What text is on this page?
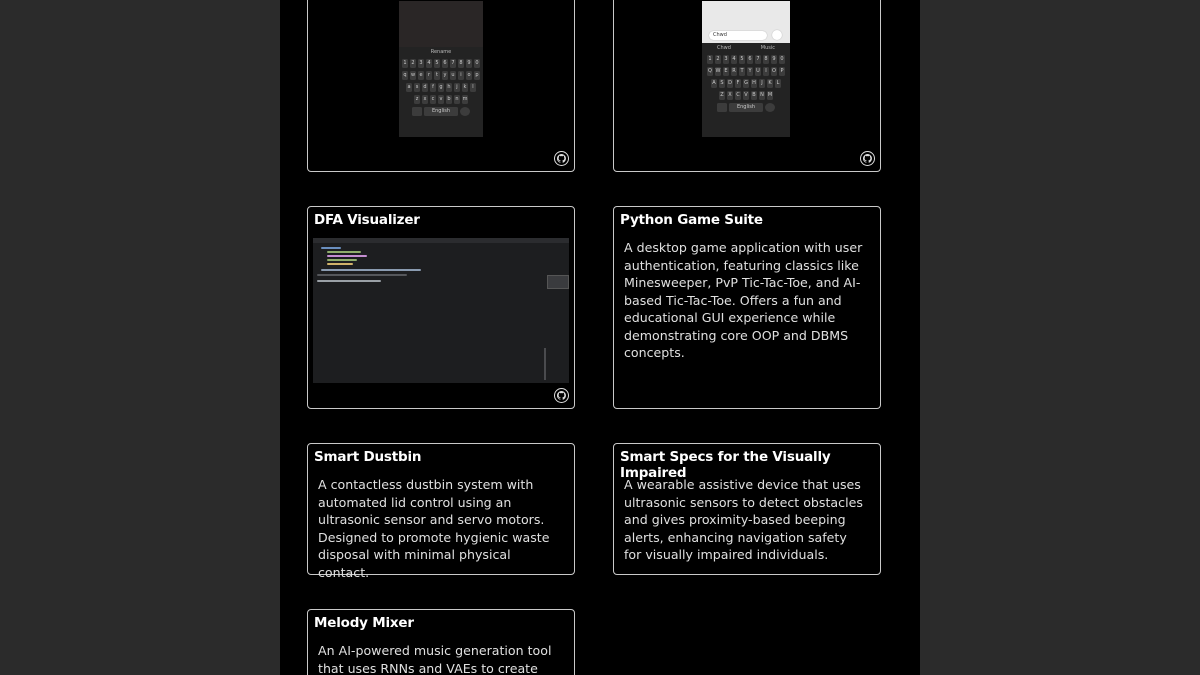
Rename
1 2 3 4 5 6 7 8 9 0
q w e	r	t	y u	i	o p
a	s	d	f	g h	j	k	l
z	x	c	v b n m
English
Chwd
Chwd	Music
1 2 3 4 5 6 7 8 9 0
Q W E R T Y U	I	O P
A S D F G H	J	K L
Z X C V B N M
English
DFA Visualizer	Python Game Suite
A desktop game application with user authentication, featuring classics like Minesweeper, PvP Tic-Tac-Toe, and AI-based Tic-Tac-Toe. Offers a fun and educational GUI experience while demonstrating core OOP and DBMS concepts.
Smart Dustbin
A contactless dustbin system with automated lid control using an ultrasonic sensor and servo motors. Designed to promote hygienic waste disposal with minimal physical contact.
Smart Specs for the Visually Impaired
A wearable assistive device that uses ultrasonic sensors to detect obstacles and gives proximity-based beeping alerts, enhancing navigation safety for visually impaired individuals.
Melody Mixer
An AI-powered music generation tool that uses RNNs and VAEs to create
